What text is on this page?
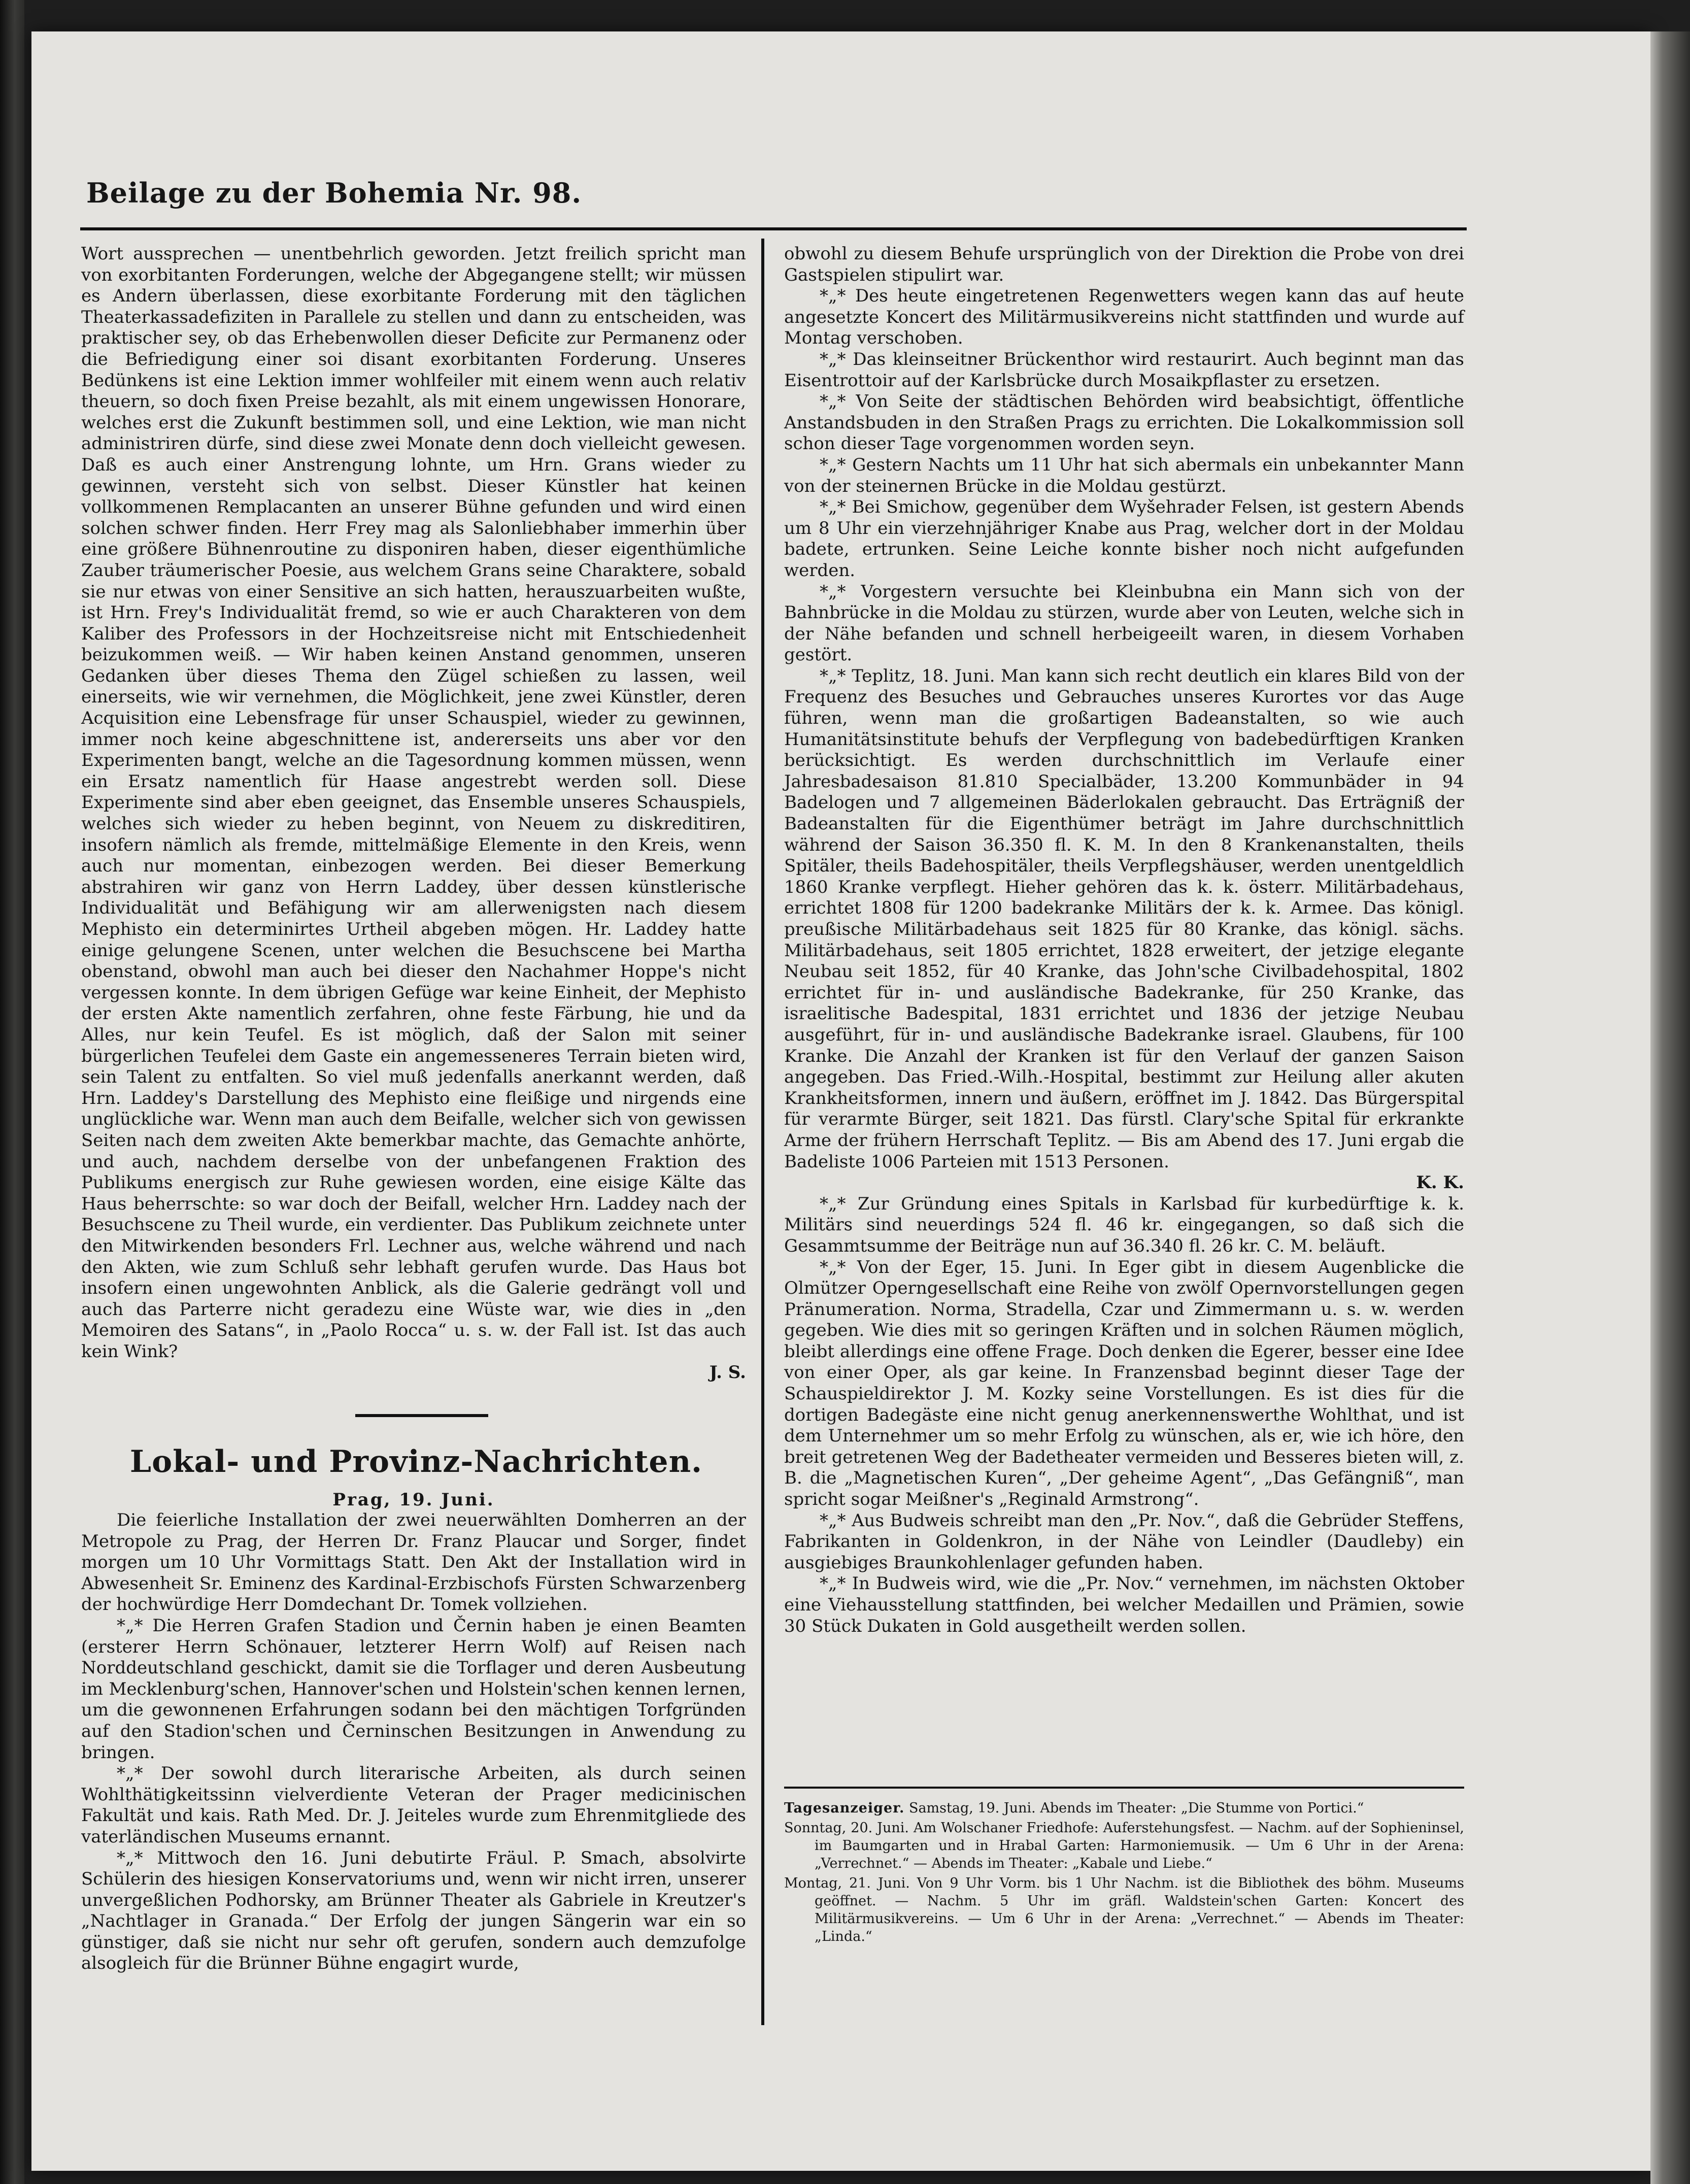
Beilage zu der Bohemia Nr. 98.

Wort aussprechen — unentbehrlich geworden. Jetzt freilich spricht man von exorbitanten Forderungen, welche der Abgegangene stellt; wir müssen es Andern überlassen, diese exorbitante Forderung mit den täglichen Theaterkassadefiziten in Parallele zu stellen und dann zu entscheiden, was praktischer sey, ob das Erhebenwollen dieser Deficite zur Permanenz oder die Befriedigung einer soi disant exorbitanten Forderung. Unseres Bedünkens ist eine Lektion immer wohlfeiler mit einem wenn auch relativ theuern, so doch fixen Preise bezahlt, als mit einem ungewissen Honorare, welches erst die Zukunft bestimmen soll, und eine Lektion, wie man nicht administriren dürfe, sind diese zwei Monate denn doch vielleicht gewesen. Daß es auch einer Anstrengung lohnte, um Hrn. Grans wieder zu gewinnen, versteht sich von selbst. Dieser Künstler hat keinen vollkommenen Remplacanten an unserer Bühne gefunden und wird einen solchen schwer finden. Herr Frey mag als Salonliebhaber immerhin über eine größere Bühnenroutine zu disponiren haben, dieser eigenthümliche Zauber träumerischer Poesie, aus welchem Grans seine Charaktere, sobald sie nur etwas von einer Sensitive an sich hatten, herauszuarbeiten wußte, ist Hrn. Frey's Individualität fremd, so wie er auch Charakteren von dem Kaliber des Professors in der Hochzeitsreise nicht mit Entschiedenheit beizukommen weiß. — Wir haben keinen Anstand genommen, unseren Gedanken über dieses Thema den Zügel schießen zu lassen, weil einerseits, wie wir vernehmen, die Möglichkeit, jene zwei Künstler, deren Acquisition eine Lebensfrage für unser Schauspiel, wieder zu gewinnen, immer noch keine abgeschnittene ist, andererseits uns aber vor den Experimenten bangt, welche an die Tagesordnung kommen müssen, wenn ein Ersatz namentlich für Haase angestrebt werden soll. Diese Experimente sind aber eben geeignet, das Ensemble unseres Schauspiels, welches sich wieder zu heben beginnt, von Neuem zu diskreditiren, insofern nämlich als fremde, mittelmäßige Elemente in den Kreis, wenn auch nur momentan, einbezogen werden. Bei dieser Bemerkung abstrahiren wir ganz von Herrn Laddey, über dessen künstlerische Individualität und Befähigung wir am allerwenigsten nach diesem Mephisto ein determinirtes Urtheil abgeben mögen. Hr. Laddey hatte einige gelungene Scenen, unter welchen die Besuchscene bei Martha obenstand, obwohl man auch bei dieser den Nachahmer Hoppe's nicht vergessen konnte. In dem übrigen Gefüge war keine Einheit, der Mephisto der ersten Akte namentlich zerfahren, ohne feste Färbung, hie und da Alles, nur kein Teufel. Es ist möglich, daß der Salon mit seiner bürgerlichen Teufelei dem Gaste ein angemesseneres Terrain bieten wird, sein Talent zu entfalten. So viel muß jedenfalls anerkannt werden, daß Hrn. Laddey's Darstellung des Mephisto eine fleißige und nirgends eine unglückliche war. Wenn man auch dem Beifalle, welcher sich von gewissen Seiten nach dem zweiten Akte bemerkbar machte, das Gemachte anhörte, und auch, nachdem derselbe von der unbefangenen Fraktion des Publikums energisch zur Ruhe gewiesen worden, eine eisige Kälte das Haus beherrschte: so war doch der Beifall, welcher Hrn. Laddey nach der Besuchscene zu Theil wurde, ein verdienter. Das Publikum zeichnete unter den Mitwirkenden besonders Frl. Lechner aus, welche während und nach den Akten, wie zum Schluß sehr lebhaft gerufen wurde. Das Haus bot insofern einen ungewohnten Anblick, als die Galerie gedrängt voll und auch das Parterre nicht geradezu eine Wüste war, wie dies in „den Memoiren des Satans“, in „Paolo Rocca“ u. s. w. der Fall ist. Ist das auch kein Wink?

J. S.

Lokal- und Provinz-Nachrichten.
Prag, 19. Juni.

Die feierliche Installation der zwei neuerwählten Domherren an der Metropole zu Prag, der Herren Dr. Franz Plaucar und Sorger, findet morgen um 10 Uhr Vormittags Statt. Den Akt der Installation wird in Abwesenheit Sr. Eminenz des Kardinal-Erzbischofs Fürsten Schwarzenberg der hochwürdige Herr Domdechant Dr. Tomek vollziehen.

*„* Die Herren Grafen Stadion und Černin haben je einen Beamten (ersterer Herrn Schönauer, letzterer Herrn Wolf) auf Reisen nach Norddeutschland geschickt, damit sie die Torflager und deren Ausbeutung im Mecklenburg'schen, Hannover'schen und Holstein'schen kennen lernen, um die gewonnenen Erfahrungen sodann bei den mächtigen Torfgründen auf den Stadion'schen und Černinschen Besitzungen in Anwendung zu bringen.

*„* Der sowohl durch literarische Arbeiten, als durch seinen Wohlthätigkeitssinn vielverdiente Veteran der Prager medicinischen Fakultät und kais. Rath Med. Dr. J. Jeiteles wurde zum Ehrenmitgliede des vaterländischen Museums ernannt.

*„* Mittwoch den 16. Juni debutirte Fräul. P. Smach, absolvirte Schülerin des hiesigen Konservatoriums und, wenn wir nicht irren, unserer unvergeßlichen Podhorsky, am Brünner Theater als Gabriele in Kreutzer's „Nachtlager in Granada.“ Der Erfolg der jungen Sängerin war ein so günstiger, daß sie nicht nur sehr oft gerufen, sondern auch demzufolge alsogleich für die Brünner Bühne engagirt wurde,

obwohl zu diesem Behufe ursprünglich von der Direktion die Probe von drei Gastspielen stipulirt war.

*„* Des heute eingetretenen Regenwetters wegen kann das auf heute angesetzte Koncert des Militärmusikvereins nicht stattfinden und wurde auf Montag verschoben.

*„* Das kleinseitner Brückenthor wird restaurirt. Auch beginnt man das Eisentrottoir auf der Karlsbrücke durch Mosaikpflaster zu ersetzen.

*„* Von Seite der städtischen Behörden wird beabsichtigt, öffentliche Anstandsbuden in den Straßen Prags zu errichten. Die Lokalkommission soll schon dieser Tage vorgenommen worden seyn.

*„* Gestern Nachts um 11 Uhr hat sich abermals ein unbekannter Mann von der steinernen Brücke in die Moldau gestürzt.

*„* Bei Smichow, gegenüber dem Wyšehrader Felsen, ist gestern Abends um 8 Uhr ein vierzehnjähriger Knabe aus Prag, welcher dort in der Moldau badete, ertrunken. Seine Leiche konnte bisher noch nicht aufgefunden werden.

*„* Vorgestern versuchte bei Kleinbubna ein Mann sich von der Bahnbrücke in die Moldau zu stürzen, wurde aber von Leuten, welche sich in der Nähe befanden und schnell herbeigeeilt waren, in diesem Vorhaben gestört.

*„* Teplitz, 18. Juni. Man kann sich recht deutlich ein klares Bild von der Frequenz des Besuches und Gebrauches unseres Kurortes vor das Auge führen, wenn man die großartigen Badeanstalten, so wie auch Humanitätsinstitute behufs der Verpflegung von badebedürftigen Kranken berücksichtigt. Es werden durchschnittlich im Verlaufe einer Jahresbadesaison 81.810 Specialbäder, 13.200 Kommunbäder in 94 Badelogen und 7 allgemeinen Bäderlokalen gebraucht. Das Erträgniß der Badeanstalten für die Eigenthümer beträgt im Jahre durchschnittlich während der Saison 36.350 fl. K. M. In den 8 Krankenanstalten, theils Spitäler, theils Badehospitäler, theils Verpflegshäuser, werden unentgeldlich 1860 Kranke verpflegt. Hieher gehören das k. k. österr. Militärbadehaus, errichtet 1808 für 1200 badekranke Militärs der k. k. Armee. Das königl. preußische Militärbadehaus seit 1825 für 80 Kranke, das königl. sächs. Militärbadehaus, seit 1805 errichtet, 1828 erweitert, der jetzige elegante Neubau seit 1852, für 40 Kranke, das John'sche Civilbadehospital, 1802 errichtet für in- und ausländische Badekranke, für 250 Kranke, das israelitische Badespital, 1831 errichtet und 1836 der jetzige Neubau ausgeführt, für in- und ausländische Badekranke israel. Glaubens, für 100 Kranke. Die Anzahl der Kranken ist für den Verlauf der ganzen Saison angegeben. Das Fried.-Wilh.-Hospital, bestimmt zur Heilung aller akuten Krankheitsformen, innern und äußern, eröffnet im J. 1842. Das Bürgerspital für verarmte Bürger, seit 1821. Das fürstl. Clary'sche Spital für erkrankte Arme der frühern Herrschaft Teplitz. — Bis am Abend des 17. Juni ergab die Badeliste 1006 Parteien mit 1513 Personen.

K. K.

*„* Zur Gründung eines Spitals in Karlsbad für kurbedürftige k. k. Militärs sind neuerdings 524 fl. 46 kr. eingegangen, so daß sich die Gesammtsumme der Beiträge nun auf 36.340 fl. 26 kr. C. M. beläuft.

*„* Von der Eger, 15. Juni. In Eger gibt in diesem Augenblicke die Olmützer Operngesellschaft eine Reihe von zwölf Opernvorstellungen gegen Pränumeration. Norma, Stradella, Czar und Zimmermann u. s. w. werden gegeben. Wie dies mit so geringen Kräften und in solchen Räumen möglich, bleibt allerdings eine offene Frage. Doch denken die Egerer, besser eine Idee von einer Oper, als gar keine. In Franzensbad beginnt dieser Tage der Schauspieldirektor J. M. Kozky seine Vorstellungen. Es ist dies für die dortigen Badegäste eine nicht genug anerkennenswerthe Wohlthat, und ist dem Unternehmer um so mehr Erfolg zu wünschen, als er, wie ich höre, den breit getretenen Weg der Badetheater vermeiden und Besseres bieten will, z. B. die „Magnetischen Kuren“, „Der geheime Agent“, „Das Gefängniß“, man spricht sogar Meißner's „Reginald Armstrong“.

*„* Aus Budweis schreibt man den „Pr. Nov.“, daß die Gebrüder Steffens, Fabrikanten in Goldenkron, in der Nähe von Leindler (Daudleby) ein ausgiebiges Braunkohlenlager gefunden haben.

*„* In Budweis wird, wie die „Pr. Nov.“ vernehmen, im nächsten Oktober eine Viehausstellung stattfinden, bei welcher Medaillen und Prämien, sowie 30 Stück Dukaten in Gold ausgetheilt werden sollen.

Tagesanzeiger. Samstag, 19. Juni. Abends im Theater: „Die Stumme von Portici.“

Sonntag, 20. Juni. Am Wolschaner Friedhofe: Auferstehungsfest. — Nachm. auf der Sophieninsel, im Baumgarten und in Hrabal Garten: Harmoniemusik. — Um 6 Uhr in der Arena: „Verrechnet.“ — Abends im Theater: „Kabale und Liebe.“

Montag, 21. Juni. Von 9 Uhr Vorm. bis 1 Uhr Nachm. ist die Bibliothek des böhm. Museums geöffnet. — Nachm. 5 Uhr im gräfl. Waldstein'schen Garten: Koncert des Militärmusikvereins. — Um 6 Uhr in der Arena: „Verrechnet.“ — Abends im Theater: „Linda.“
